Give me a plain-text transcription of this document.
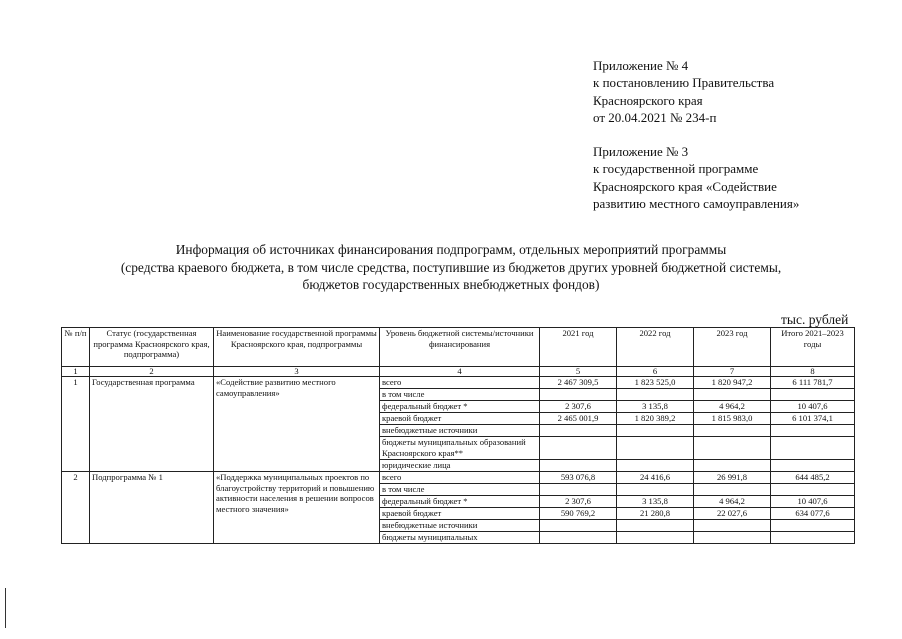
Приложение № 4
к постановлению Правительства
Красноярского края
от 20.04.2021 № 234-п
Приложение № 3
к государственной программе
Красноярского края «Содействие
развитию местного самоуправления»
Информация об источниках финансирования подпрограмм, отдельных мероприятий программы
(средства краевого бюджета, в том числе средства, поступившие из бюджетов других уровней бюджетной системы,
бюджетов государственных внебюджетных фондов)
тыс. рублей
№ п/п	Статус (государственная программа Красноярского края, подпрограмма)	Наименование государственной программы Красноярского края, подпрограммы	Уровень бюджетной системы/источники финансирования	2021 год	2022 год	2023 год	Итого 2021–2023 годы
1	2	3	4	5	6	7	8
1	Государственная программа	«Содействие развитию местного самоуправления»	всего	2 467 309,5	1 823 525,0	1 820 947,2	6 111 781,7
			в том числе				
			федеральный бюджет *	2 307,6	3 135,8	4 964,2	10 407,6
			краевой бюджет	2 465 001,9	1 820 389,2	1 815 983,0	6 101 374,1
			внебюджетные источники				
			бюджеты муниципальных образований Красноярского края**				
			юридические лица				
2	Подпрограмма № 1	«Поддержка муниципальных проектов по благоустройству территорий и повышению активности населения в решении вопросов местного значения»	всего	593 076,8	24 416,6	26 991,8	644 485,2
			в том числе				
			федеральный бюджет *	2 307,6	3 135,8	4 964,2	10 407,6
			краевой бюджет	590 769,2	21 280,8	22 027,6	634 077,6
			внебюджетные источники				
			бюджеты муниципальных				
